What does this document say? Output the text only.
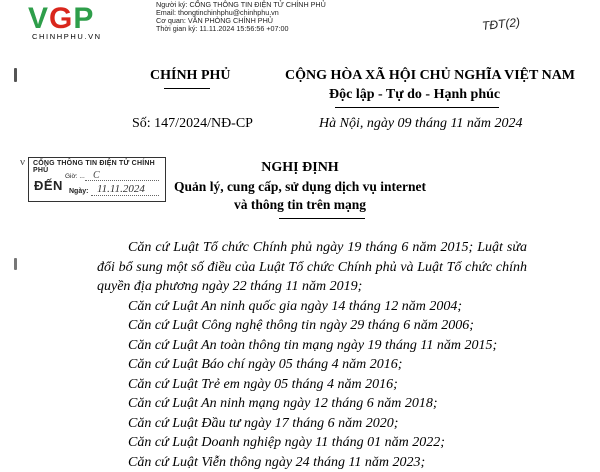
VGP
CHINHPHU.VN
Người ký: CỔNG THÔNG TIN ĐIỆN TỬ CHÍNH PHỦ
Email: thongtinchinhphu@chinhphu.vn
Cơ quan: VĂN PHÒNG CHÍNH PHỦ
Thời gian ký: 11.11.2024 15:56:56 +07:00	TĐT(2)
ν
CHÍNH PHỦ	CỘNG HÒA XÃ HỘI CHỦ NGHĨA VIỆT NAM
Độc lập - Tự do - Hạnh phúc
Số: 147/2024/NĐ-CP	Hà Nội, ngày 09 tháng 11 năm 2024
CỔNG THÔNG TIN ĐIỆN TỬ CHÍNH PHỦ
ĐẾN
Giờ: ... C
Ngày: 11.11.2024
NGHỊ ĐỊNH
Quản lý, cung cấp, sử dụng dịch vụ internet
và thông tin trên mạng

Căn cứ Luật Tổ chức Chính phủ ngày 19 tháng 6 năm 2015; Luật sửa đổi bổ sung một số điều của Luật Tổ chức Chính phủ và Luật Tổ chức chính quyền địa phương ngày 22 tháng 11 năm 2019;

Căn cứ Luật An ninh quốc gia ngày 14 tháng 12 năm 2004;

Căn cứ Luật Công nghệ thông tin ngày 29 tháng 6 năm 2006;

Căn cứ Luật An toàn thông tin mạng ngày 19 tháng 11 năm 2015;

Căn cứ Luật Báo chí ngày 05 tháng 4 năm 2016;

Căn cứ Luật Trẻ em ngày 05 tháng 4 năm 2016;

Căn cứ Luật An ninh mạng ngày 12 tháng 6 năm 2018;

Căn cứ Luật Đầu tư ngày 17 tháng 6 năm 2020;

Căn cứ Luật Doanh nghiệp ngày 11 tháng 01 năm 2022;

Căn cứ Luật Viễn thông ngày 24 tháng 11 năm 2023;
